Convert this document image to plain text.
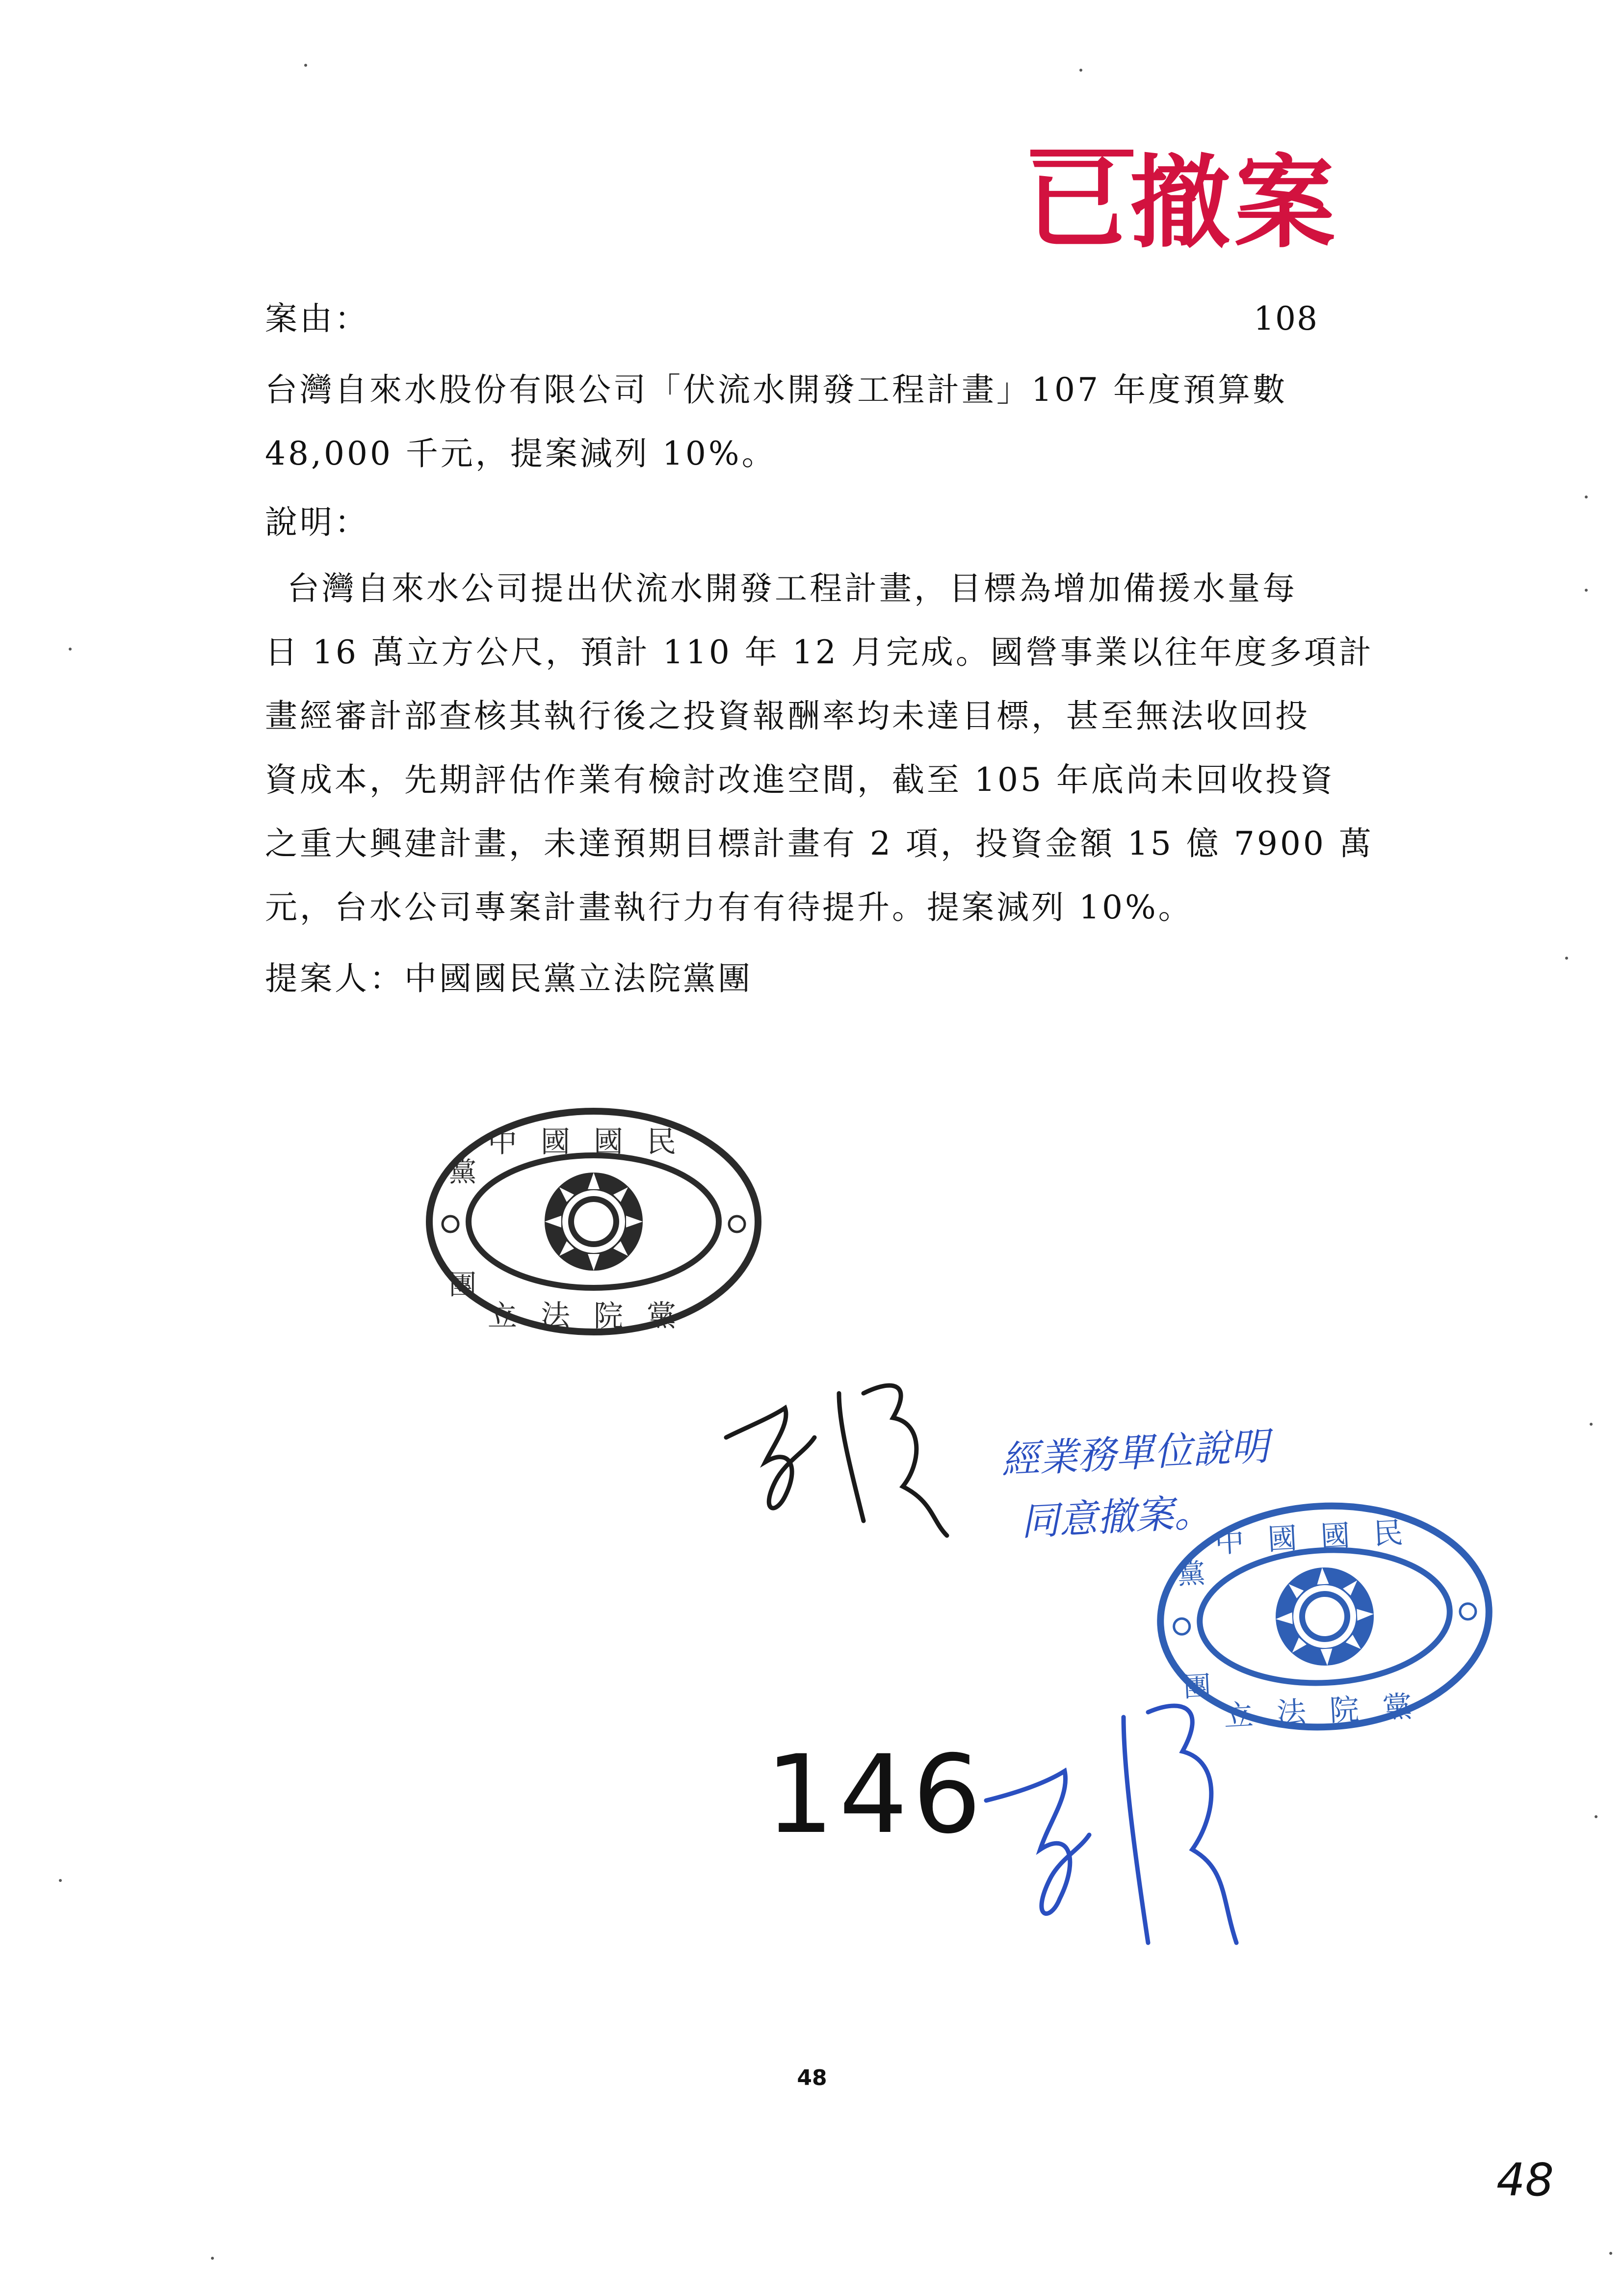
已撤案
案由：	108
台灣自來水股份有限公司「伏流水開發工程計畫」107 年度預算數
48,000 千元，提案減列 10%。
說明：
台灣自來水公司提出伏流水開發工程計畫，目標為增加備援水量每
日 16 萬立方公尺，預計 110 年 12 月完成。國營事業以往年度多項計
畫經審計部查核其執行後之投資報酬率均未達目標，甚至無法收回投
資成本，先期評估作業有檢討改進空間，截至 105 年底尚未回收投資
之重大興建計畫，未達預期目標計畫有 2 項，投資金額 15 億 7900 萬
元，台水公司專案計畫執行力有有待提升。提案減列 10%。
提案人：中國國民黨立法院黨團
中國國民
黨
立法院黨
團
經業務單位說明
同意撤案。 中國國民
黨
立法院黨
團
146
48
48
